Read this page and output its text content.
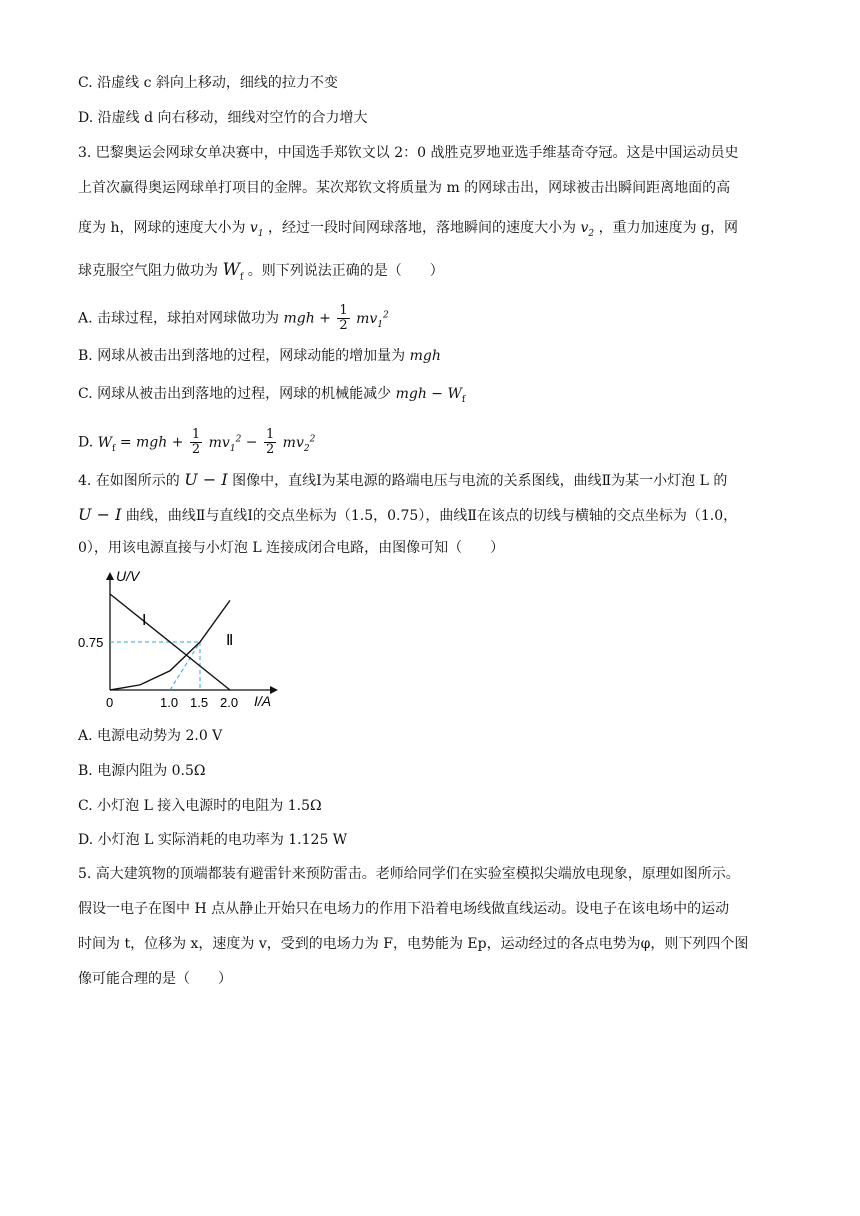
C. 沿虚线 c 斜向上移动，细线的拉力不变
D. 沿虚线 d 向右移动，细线对空竹的合力增大
3. 巴黎奥运会网球女单决赛中，中国选手郑钦文以 2：0 战胜克罗地亚选手维基奇夺冠。这是中国运动员史
上首次赢得奥运网球单打项目的金牌。某次郑钦文将质量为 m 的网球击出，网球被击出瞬间距离地面的高
度为 h，网球的速度大小为 $v_1$ ，经过一段时间网球落地，落地瞬间的速度大小为 $v_2$ ，重力加速度为 g，网
球克服空气阻力做功为 $W_f$ 。则下列说法正确的是（　　）
A. 击球过程，球拍对网球做功为 mgh + $\frac{1}{2} mv_1^2$
B. 网球从被击出到落地的过程，网球动能的增加量为 mgh
C. 网球从被击出到落地的过程，网球的机械能减少 mgh − $W_f$
D. $W_f$ = mgh + $\frac{1}{2} mv_1^2 - \frac{1}{2} mv_2^2$
4. 在如图所示的 U − I 图像中，直线Ⅰ为某电源的路端电压与电流的关系图线，曲线Ⅱ为某一小灯泡 L 的
U − I 曲线，曲线Ⅱ与直线Ⅰ的交点坐标为（1.5，0.75），曲线Ⅱ在该点的切线与横轴的交点坐标为（1.0，
0），用该电源直接与小灯泡 L 连接成闭合电路，由图像可知（　　）
Ⅰ
Ⅱ
0	1.0 1.5 2.0
0.75
U/V
I/A
A. 电源电动势为 2.0 V
B. 电源内阻为 0.5Ω
C. 小灯泡 L 接入电源时的电阻为 1.5Ω
D. 小灯泡 L 实际消耗的电功率为 1.125 W
5. 高大建筑物的顶端都装有避雷针来预防雷击。老师给同学们在实验室模拟尖端放电现象，原理如图所示。
假设一电子在图中 H 点从静止开始只在电场力的作用下沿着电场线做直线运动。设电子在该电场中的运动
时间为 t，位移为 x，速度为 v，受到的电场力为 F，电势能为 Ep，运动经过的各点电势为φ，则下列四个图
像可能合理的是（　　）
